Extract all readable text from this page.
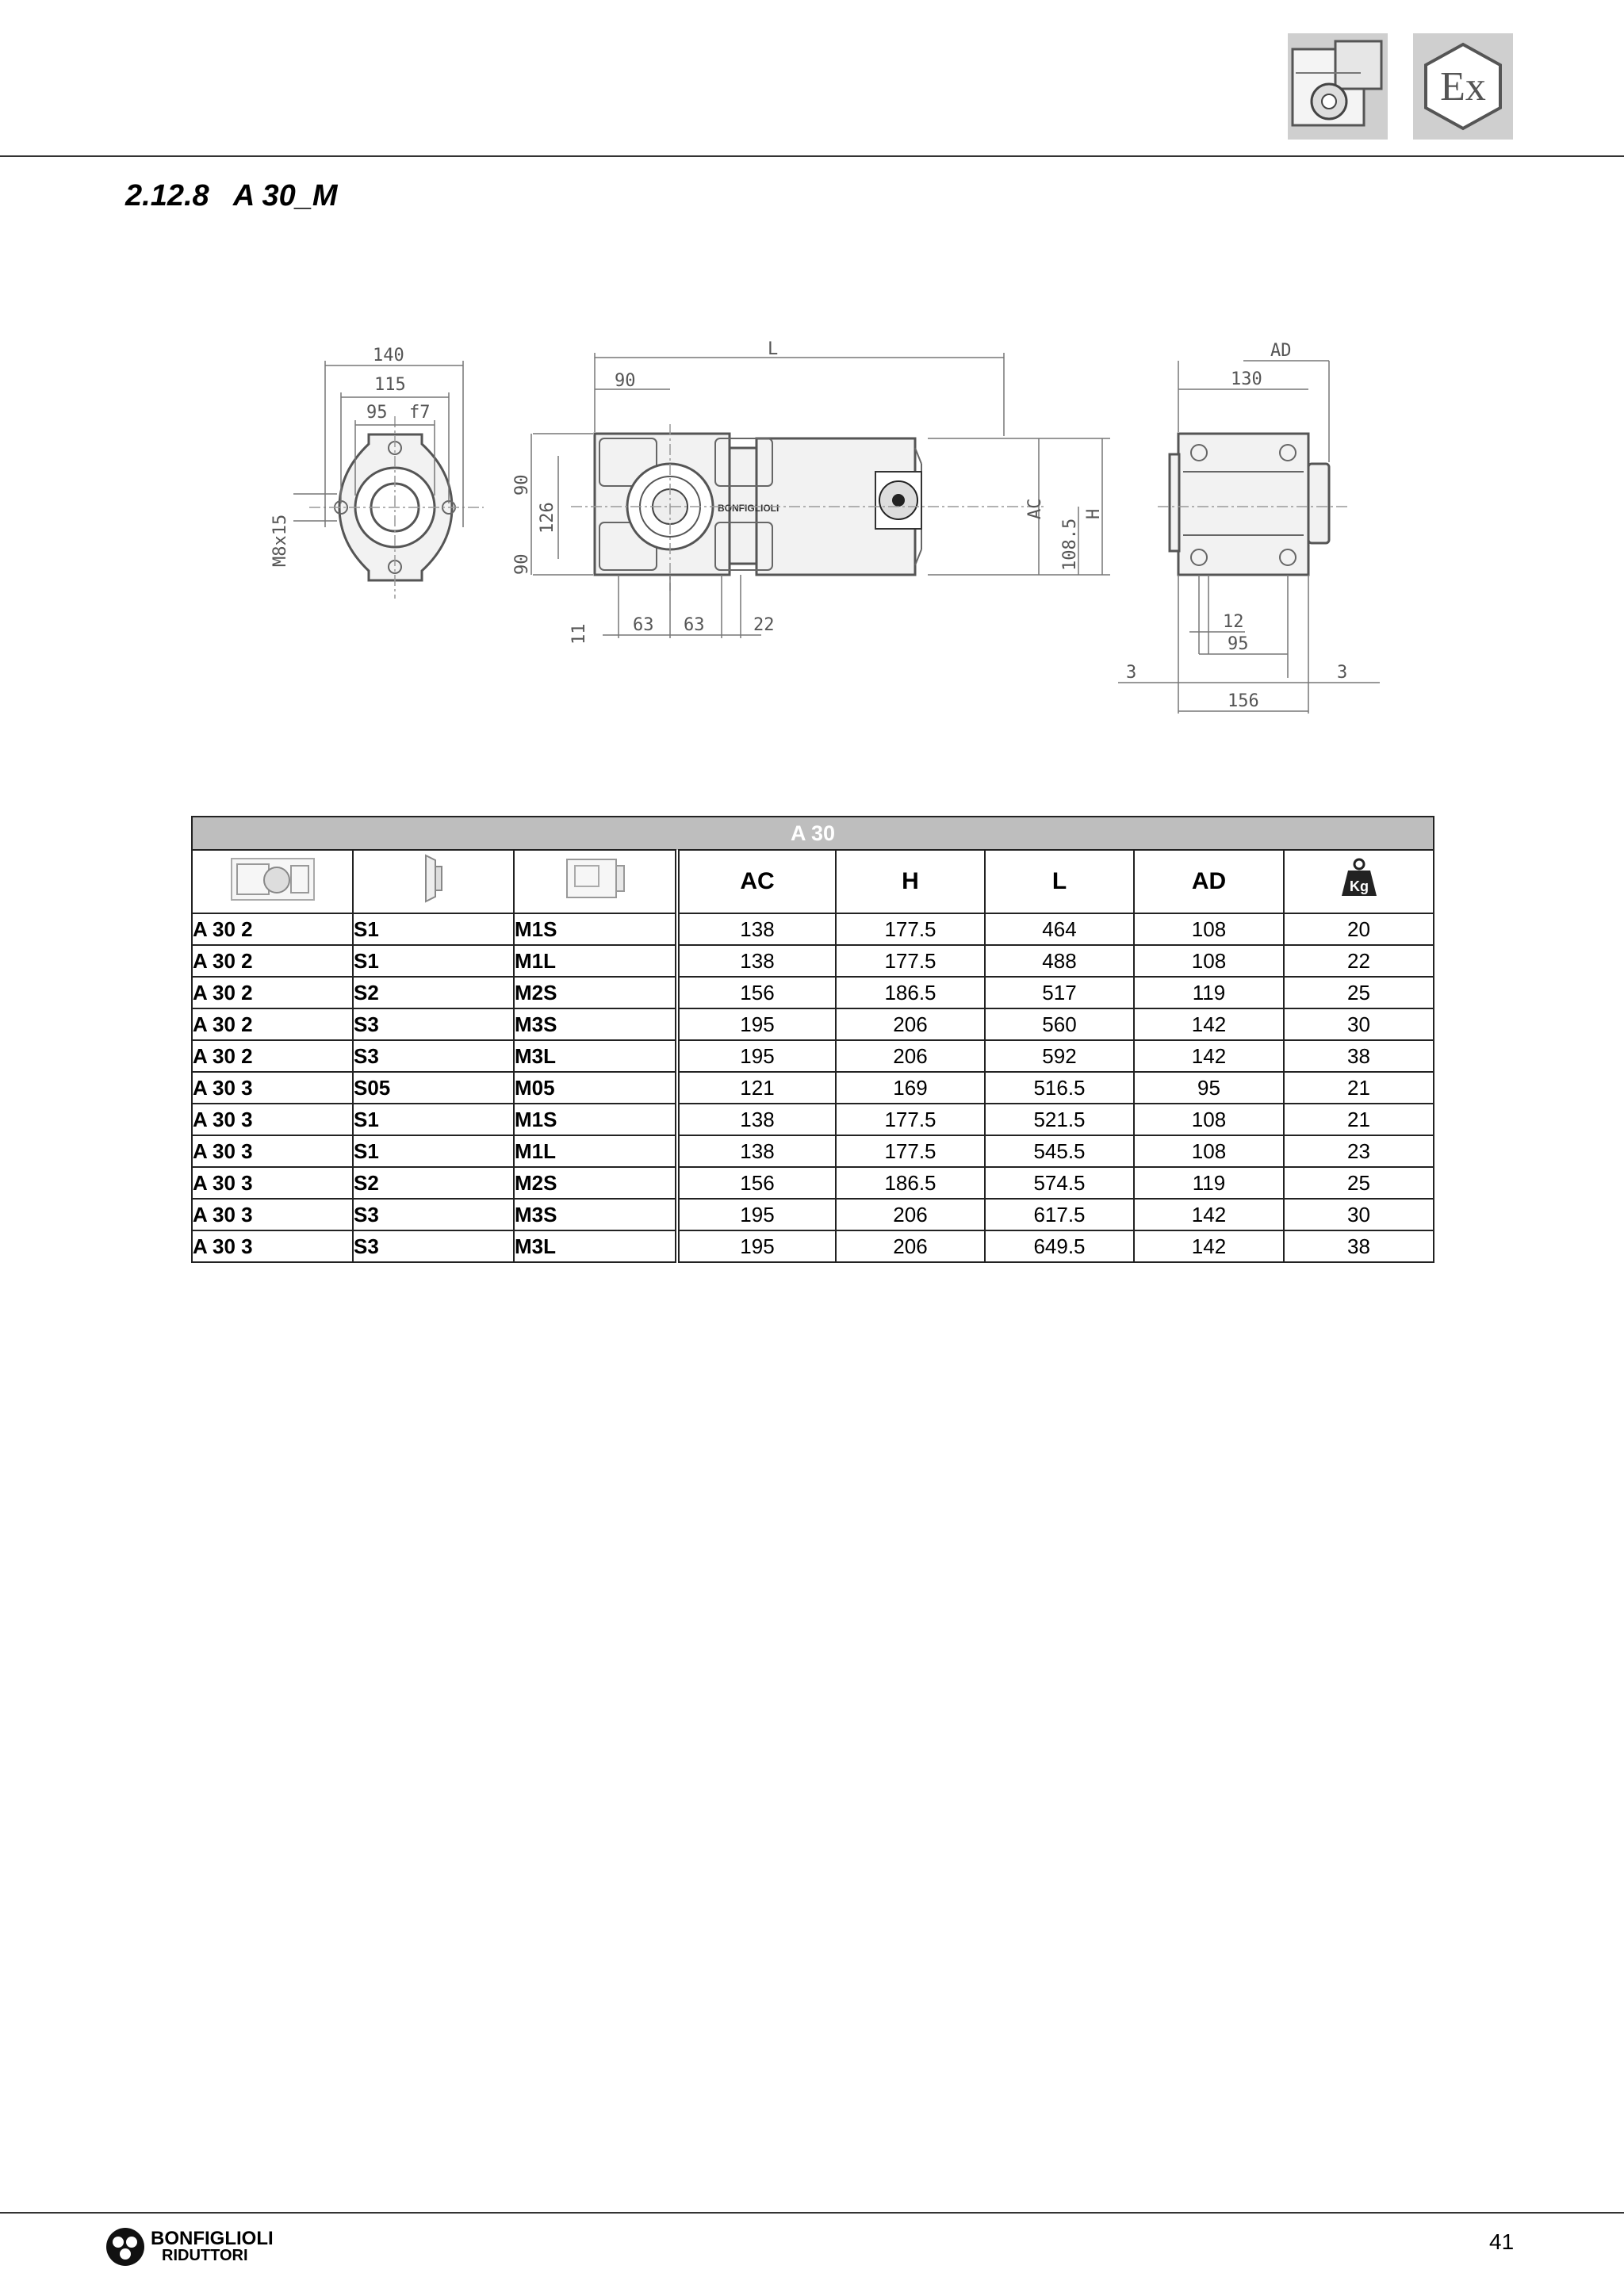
Ex
2.12.8 A 30_M
140
115
95 f7
M8x15
BONFIGLIOLI
L
90
90
126
90
11	63 63	22
AC
108.5
H
AD
130
12
95
3	3
156
A 30							
			AC	H	L	AD	Kg

A 30 2	S1	M1S	138	177.5	464	108	20
A 30 2	S1	M1L	138	177.5	488	108	22
A 30 2	S2	M2S	156	186.5	517	119	25
A 30 2	S3	M3S	195	206	560	142	30
A 30 2	S3	M3L	195	206	592	142	38
A 30 3	S05	M05	121	169	516.5	95	21
A 30 3	S1	M1S	138	177.5	521.5	108	21
A 30 3	S1	M1L	138	177.5	545.5	108	23
A 30 3	S2	M2S	156	186.5	574.5	119	25
A 30 3	S3	M3S	195	206	617.5	142	30
A 30 3	S3	M3L	195	206	649.5	142	38
BONFIGLIOLI
RIDUTTORI
41
